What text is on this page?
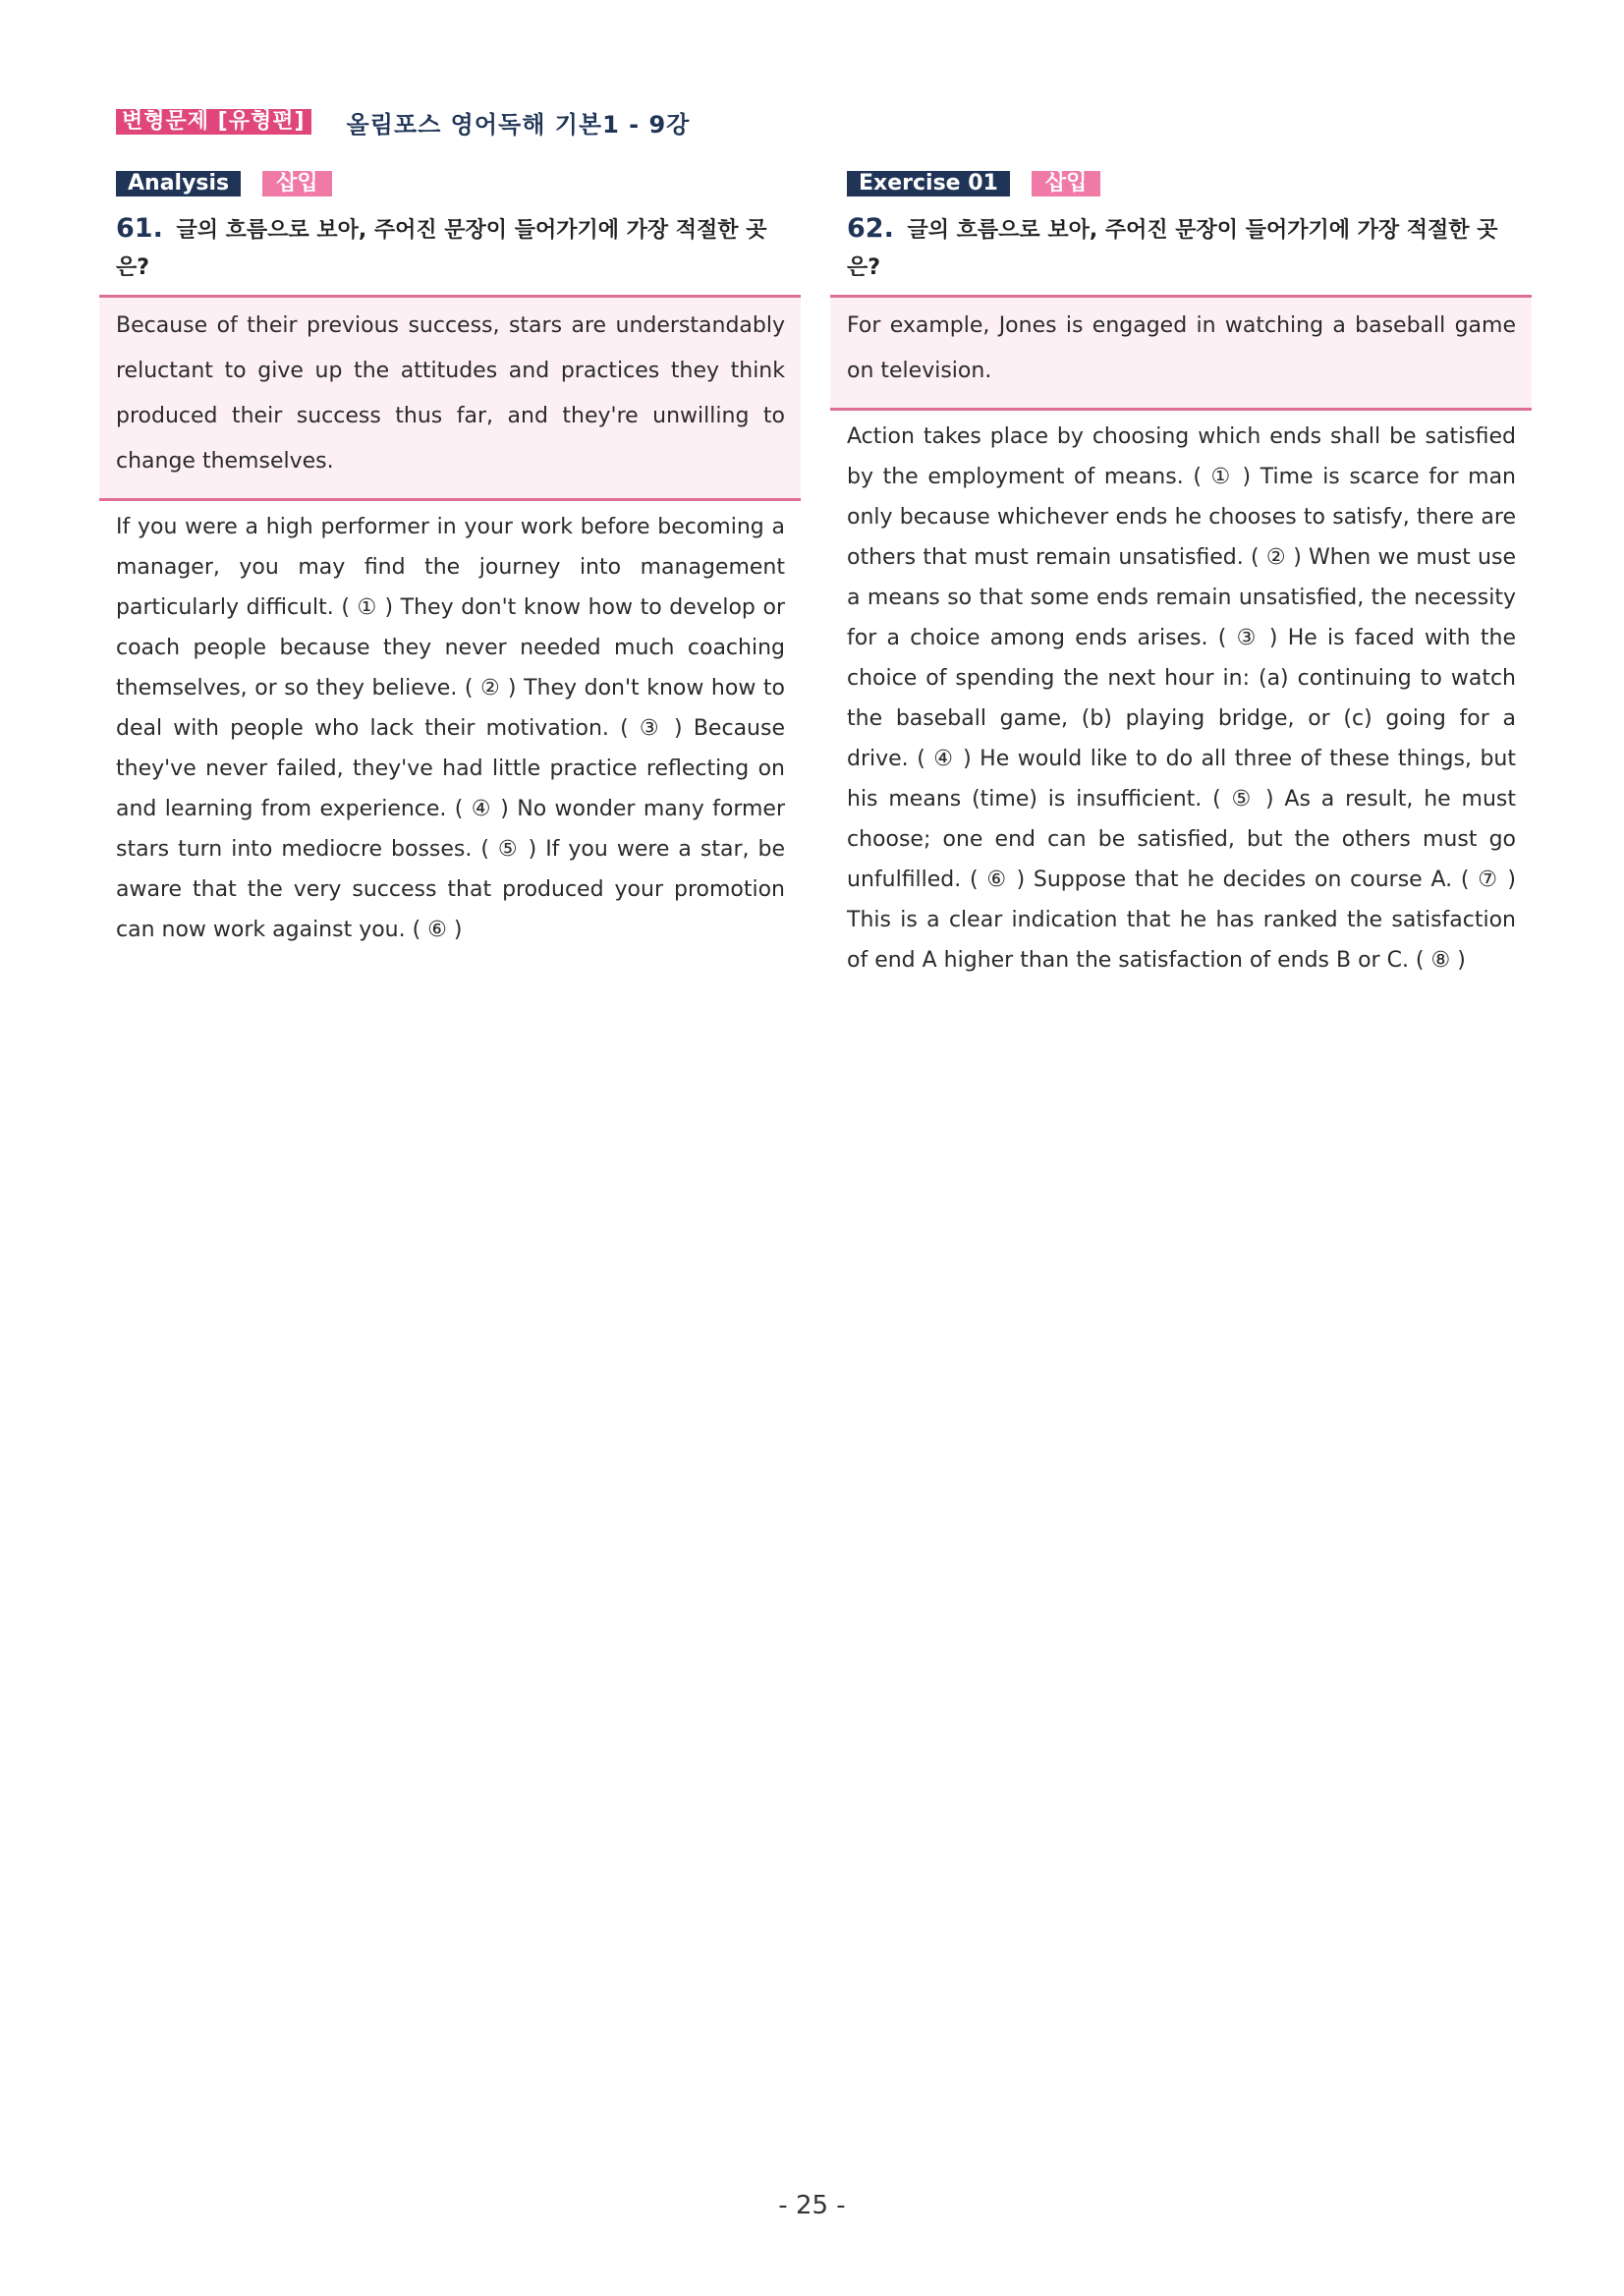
변형문제 [유형편] 올림포스 영어독해 기본1 - 9강
Analysis	삽입
61. 글의 흐름으로 보아, 주어진 문장이 들어가기에 가장 적절한 곳은?
Because of their previous success, stars are understandably reluctant to give up the attitudes and practices they think produced their success thus far, and they're unwilling to change themselves.
If you were a high performer in your work before becoming a manager, you may find the journey into management particularly difficult. ( ① ) They don't know how to develop or coach people because they never needed much coaching themselves, or so they believe. ( ② ) They don't know how to deal with people who lack their motivation. ( ③ ) Because they've never failed, they've had little practice reflecting on and learning from experience. ( ④ ) No wonder many former stars turn into mediocre bosses. ( ⑤ ) If you were a star, be aware that the very success that produced your promotion can now work against you. ( ⑥ )
Exercise 01	삽입
62. 글의 흐름으로 보아, 주어진 문장이 들어가기에 가장 적절한 곳은?
For example, Jones is engaged in watching a baseball game on television.
Action takes place by choosing which ends shall be satisfied by the employment of means. ( ① ) Time is scarce for man only because whichever ends he chooses to satisfy, there are others that must remain unsatisfied. ( ② ) When we must use a means so that some ends remain unsatisfied, the necessity for a choice among ends arises. ( ③ ) He is faced with the choice of spending the next hour in: (a) continuing to watch the baseball game, (b) playing bridge, or (c) going for a drive. ( ④ ) He would like to do all three of these things, but his means (time) is insufficient. ( ⑤ ) As a result, he must choose; one end can be satisfied, but the others must go unfulfilled. ( ⑥ ) Suppose that he decides on course A. ( ⑦ ) This is a clear indication that he has ranked the satisfaction of end A higher than the satisfaction of ends B or C. ( ⑧ )
- 25 -
